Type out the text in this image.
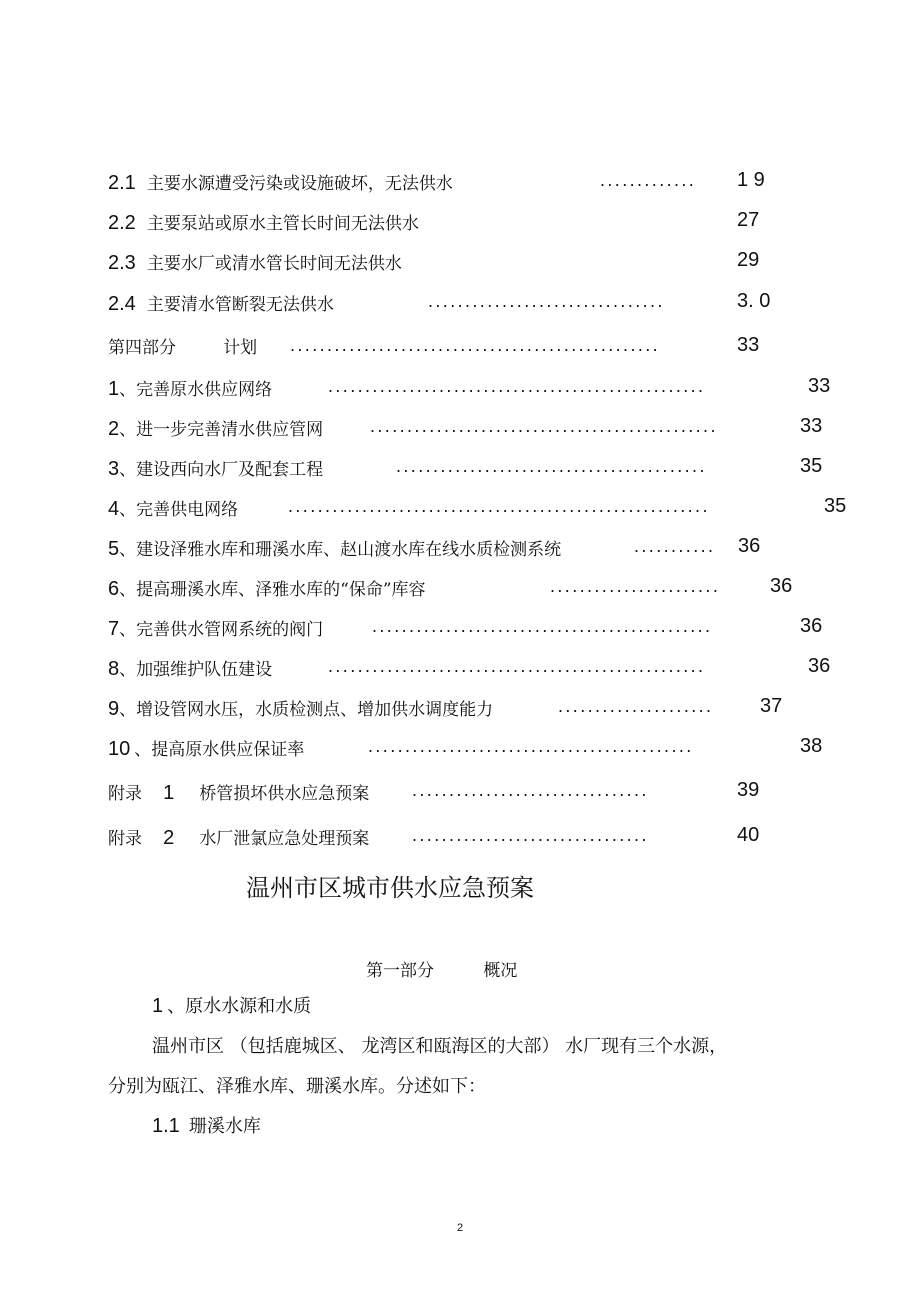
2.1 主要水源遭受污染或设施破坏，无法供水	.............	1 9
2.2 主要泵站或原水主管长时间无法供水	27
2.3 主要水厂或清水管长时间无法供水	29
2.4 主要清水管断裂无法供水	................................	3. 0
第四部分	计划 ..................................................	33
1、完善原水供应网络	...................................................	33
2、进一步完善清水供应管网	...............................................	33
3、建设西向水厂及配套工程	..........................................	35
4、完善供电网络	.........................................................	35
5、建设泽雅水库和珊溪水库、赵山渡水库在线水质检测系统	...........	36
6、提高珊溪水库、泽雅水库的“保命”库容	.......................	36
7、完善供水管网系统的阀门	..............................................	36
8、加强维护队伍建设	...................................................	36
9、增设管网水压，水质检测点、增加供水调度能力	.....................	37
10 、提高原水供应保证率	............................................	38
附录 1 桥管损坏供水应急预案 ................................	39
附录 2 水厂泄氯应急处理预案 ................................	40
温州市区城市供水应急预案
第一部分	概况
1 、原水水源和水质
温州市区 （包括鹿城区、 龙湾区和瓯海区的大部） 水厂现有三个水源，
分别为瓯江、泽雅水库、珊溪水库。分述如下：
1.1 珊溪水库
2
